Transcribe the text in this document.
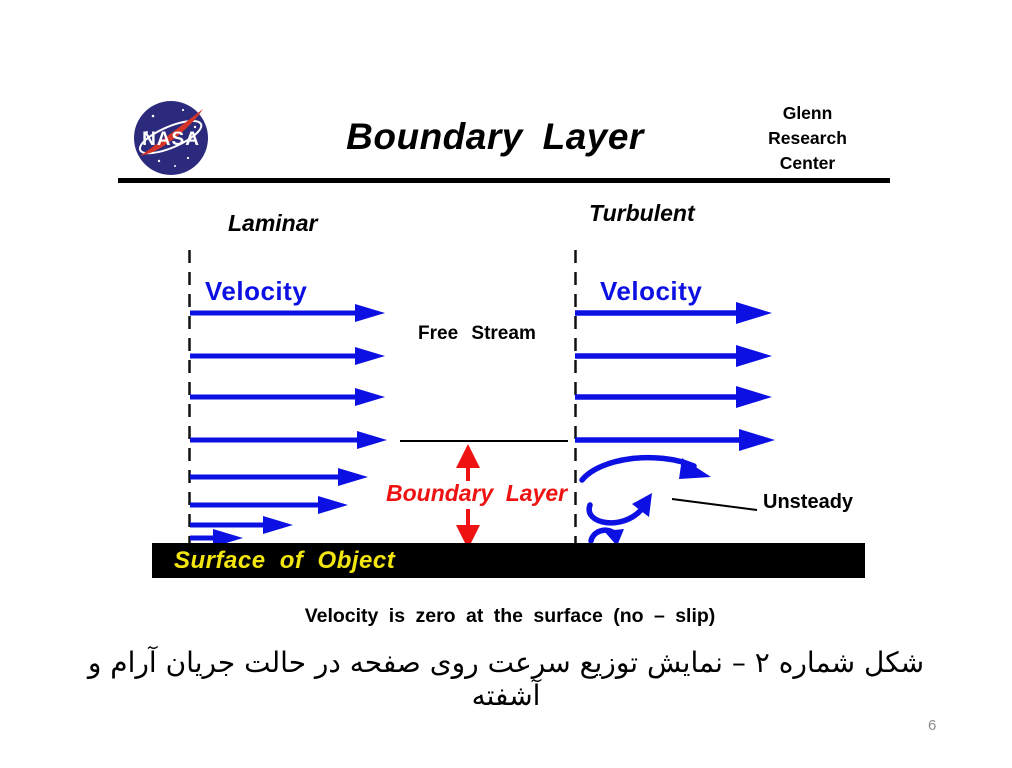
NASA	Boundary Layer
Glenn
Research
Center
Laminar	Turbulent
Velocity	Velocity
Free Stream
Boundary Layer	Unsteady
Surface of Object
Velocity is zero at the surface (no – slip)
شکل شماره ۲ – نمایش توزیع سرعت روی صفحه در حالت جریان آرام و آشفته
6
